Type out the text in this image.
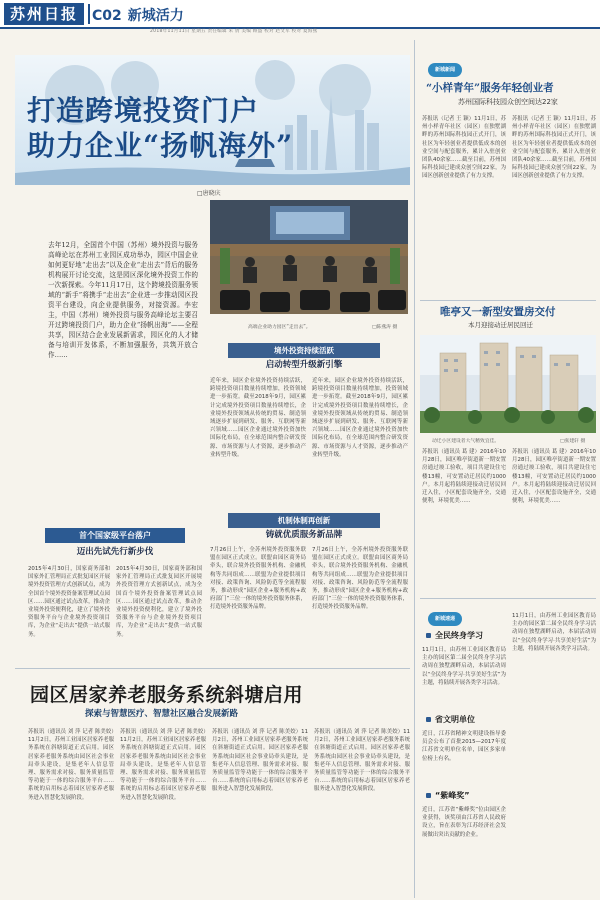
苏州日报	C02 新城活力
2018年11月11日 星期五 责任编辑 朱 倩 美编 顾盛 校对 赵文军 校对 夏海燕
打造跨境投资门户
助力企业“扬帆海外”
□唐晓庆
去年12月，全国首个中国（苏州）境外投资与服务高峰论坛在苏州工业园区成功举办，园区中国企业如何更好地“走出去”以及企业“走出去”背后的服务机构展开讨论交流，这是园区深化境外投资工作的一次新探索。今年11月17日，这个跨境投资服务领域的“新手”将携手“走出去”企业进一步推动园区投资平台建设，向企业提供服务，对接资源。李宏主，中国（苏州）境外投资与服务高峰论坛主要召开过跨境投资门户，助力企业“扬帆出海”——全程共享，园区结合企业发展新需求，园区化的人才储备与培训开发体系，不断加强服务，共筑开放合作……
高端企业助力园区“走出去”。	□陈燕涛 摄
境外投资持续活跃
启动转型升级新引擎
近年来，园区企业境外投资持续活跃，跨境投资项目数量持续增加，投资领域进一步拓宽。截至2018年9月，园区累计完成境外投资项目数量持续增长，企业境外投资领域从传统的贸易、制造领域逐步扩展到研发、服务、互联网等新兴领域……园区企业通过境外投资加快国际化布局，在全球范围内整合研发资源、市场资源与人才资源，逐步推动产业转型升级。
近年来，园区企业境外投资持续活跃，跨境投资项目数量持续增加，投资领域进一步拓宽。截至2018年9月，园区累计完成境外投资项目数量持续增长，企业境外投资领域从传统的贸易、制造领域逐步扩展到研发、服务、互联网等新兴领域……园区企业通过境外投资加快国际化布局，在全球范围内整合研发资源、市场资源与人才资源，逐步推动产业转型升级。
机制体制再创新
铸就优质服务新品牌
7月26日上午，全苏州境外投资服务联盟在园区正式成立。联盟由园区商务局牵头，联合境外投资服务机构、金融机构等共同组成……联盟为企业提供项目对接、政策咨询、风险防范等全流程服务，推动形成“园区企业+服务机构+政府部门”三位一体的境外投资服务体系，打造境外投资服务品牌。
7月26日上午，全苏州境外投资服务联盟在园区正式成立。联盟由园区商务局牵头，联合境外投资服务机构、金融机构等共同组成……联盟为企业提供项目对接、政策咨询、风险防范等全流程服务，推动形成“园区企业+服务机构+政府部门”三位一体的境外投资服务体系，打造境外投资服务品牌。
首个国家级平台落户
迈出先试先行新步伐
2015年4月30日，国家商务部和国家外汇管理局正式批复园区开展境外投资管理方式创新试点，成为全国首个境外投资备案管理试点园区……园区通过试点改革，推动企业境外投资便利化，建立了境外投资服务平台与企业境外投资项目库，为企业“走出去”提供一站式服务。
2015年4月30日，国家商务部和国家外汇管理局正式批复园区开展境外投资管理方式创新试点，成为全国首个境外投资备案管理试点园区……园区通过试点改革，推动企业境外投资便利化，建立了境外投资服务平台与企业境外投资项目库，为企业“走出去”提供一站式服务。
园区居家养老服务系统斜塘启用
探索与智慧医疗、智慧社区融合发展新路
苏报讯（通讯员 刘 萍 记者 陈美姣）11月2日，苏州工业园区居家养老服务系统在斜塘街道正式启用。园区居家养老服务系统由园区社会事业局牵头建设，是集老年人信息管理、服务需求对接、服务质量监管等功能于一体的综合服务平台……系统的启用标志着园区居家养老服务进入智慧化发展阶段。
苏报讯（通讯员 刘 萍 记者 陈美姣）11月2日，苏州工业园区居家养老服务系统在斜塘街道正式启用。园区居家养老服务系统由园区社会事业局牵头建设，是集老年人信息管理、服务需求对接、服务质量监管等功能于一体的综合服务平台……系统的启用标志着园区居家养老服务进入智慧化发展阶段。
苏报讯（通讯员 刘 萍 记者 陈美姣）11月2日，苏州工业园区居家养老服务系统在斜塘街道正式启用。园区居家养老服务系统由园区社会事业局牵头建设，是集老年人信息管理、服务需求对接、服务质量监管等功能于一体的综合服务平台……系统的启用标志着园区居家养老服务进入智慧化发展阶段。
苏报讯（通讯员 刘 萍 记者 陈美姣）11月2日，苏州工业园区居家养老服务系统在斜塘街道正式启用。园区居家养老服务系统由园区社会事业局牵头建设，是集老年人信息管理、服务需求对接、服务质量监管等功能于一体的综合服务平台……系统的启用标志着园区居家养老服务进入智慧化发展阶段。
新城新闻
“小样青年”服务年轻创业者
苏州国际科技园众创空间达22家
苏报讯（记者 王 颖）11月1日，苏州小样青年社区（园区）在独墅湖畔的苏州国际科技园正式开门，该社区为年轻创业者提供低成本的创业空间与配套服务，累计入驻创业团队40余家……截至目前，苏州国际科技园已建成众创空间22家，为园区创新创业提供了有力支撑。
苏报讯（记者 王 颖）11月1日，苏州小样青年社区（园区）在独墅湖畔的苏州国际科技园正式开门，该社区为年轻创业者提供低成本的创业空间与配套服务，累计入驻创业团队40余家……截至目前，苏州国际科技园已建成众创空间22家，为园区创新创业提供了有力支撑。
唯亭又一新型安置房交付
本月迎接动迁居民回迁
动迁小区建设者大气精致宜佳。	□张建轩 摄
苏报讯（通讯员 葛 建）2016年10月28日，园区唯亭街道新一期安置房通过竣工验收，项目共建设住宅楼13幢，可安置动迁居民约1000户。本月起将陆续迎接动迁居民回迁入住，小区配套设施齐全，交通便利，环境优美……
苏报讯（通讯员 葛 建）2016年10月28日，园区唯亭街道新一期安置房通过竣工验收，项目共建设住宅楼13幢，可安置动迁居民约1000户。本月起将陆续迎接动迁居民回迁入住，小区配套设施齐全，交通便利，环境优美……
新城速递
全民终身学习
11月1日，由苏州工业园区教育局主办的园区第二届全民终身学习活动周在独墅湖畔启动，本届活动周以“全民终身学习·共享美好生活”为主题，将陆续开展各类学习活动。
省文明单位
近日，江苏省精神文明建设指导委员会公布了首批2015—2017年度江苏省文明单位名单，园区多家单位榜上有名。
“紫峰奖”
近日，江苏省“紫峰奖”位由园区企业获得，该奖项由江苏省人民政府设立，旨在表彰为江苏经济社会发展做出突出贡献的企业。
11月1日，由苏州工业园区教育局主办的园区第二届全民终身学习活动周在独墅湖畔启动，本届活动周以“全民终身学习·共享美好生活”为主题，将陆续开展各类学习活动。
